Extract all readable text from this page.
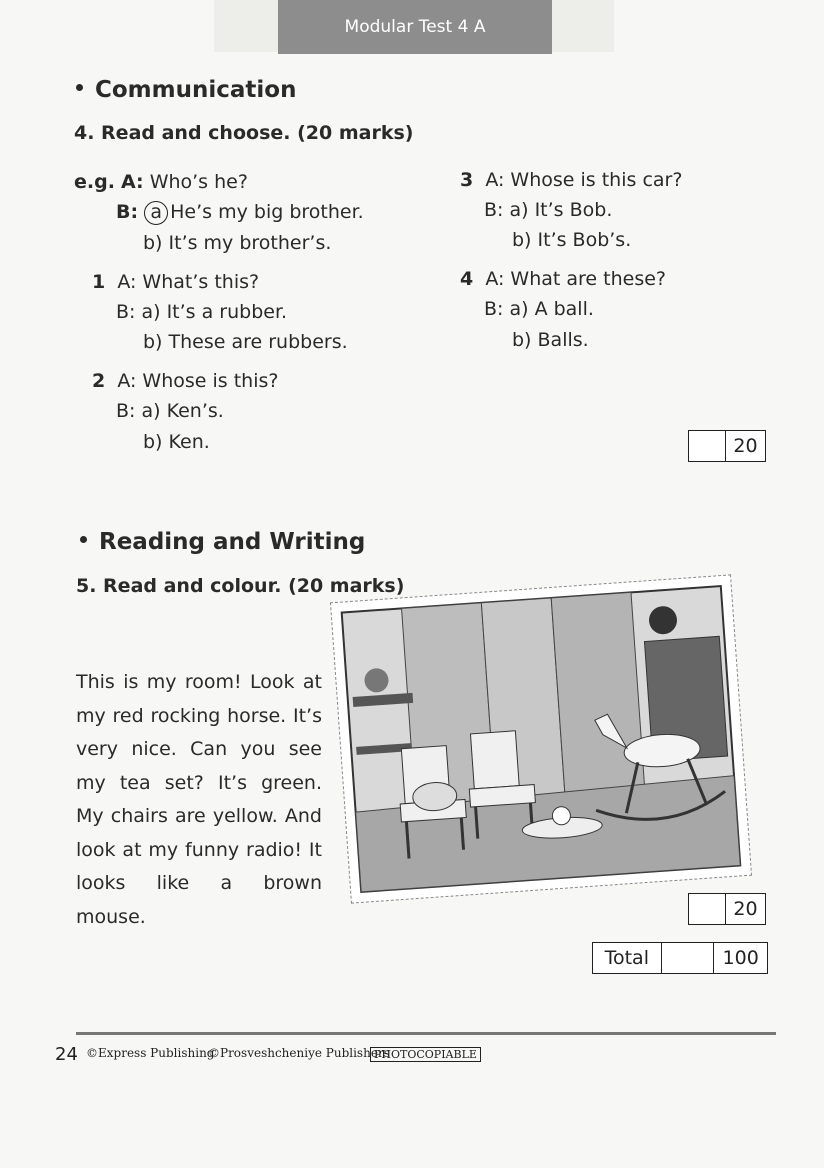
Modular Test 4 A
Communication
4. Read and choose. (20 marks)
e.g. A: Who’s he?
B: a He’s my big brother.
b) It’s my brother’s.
1 A: What’s this?
B: a) It’s a rubber.
b) These are rubbers.
2 A: Whose is this?
B: a) Ken’s.
b) Ken.
3 A: Whose is this car?
B: a) It’s Bob.
b) It’s Bob’s.
4 A: What are these?
B: a) A ball.
b) Balls.
20
Reading and Writing
5. Read and colour. (20 marks)
This is my room! Look at my red rocking horse. It’s very nice. Can you see my tea set? It’s green. My chairs are yellow. And look at my funny radio! It looks like a brown mouse.	20
Total	100
24 ©Express Publishing
©Prosveshcheniye Publishers
PHOTOCOPIABLE
